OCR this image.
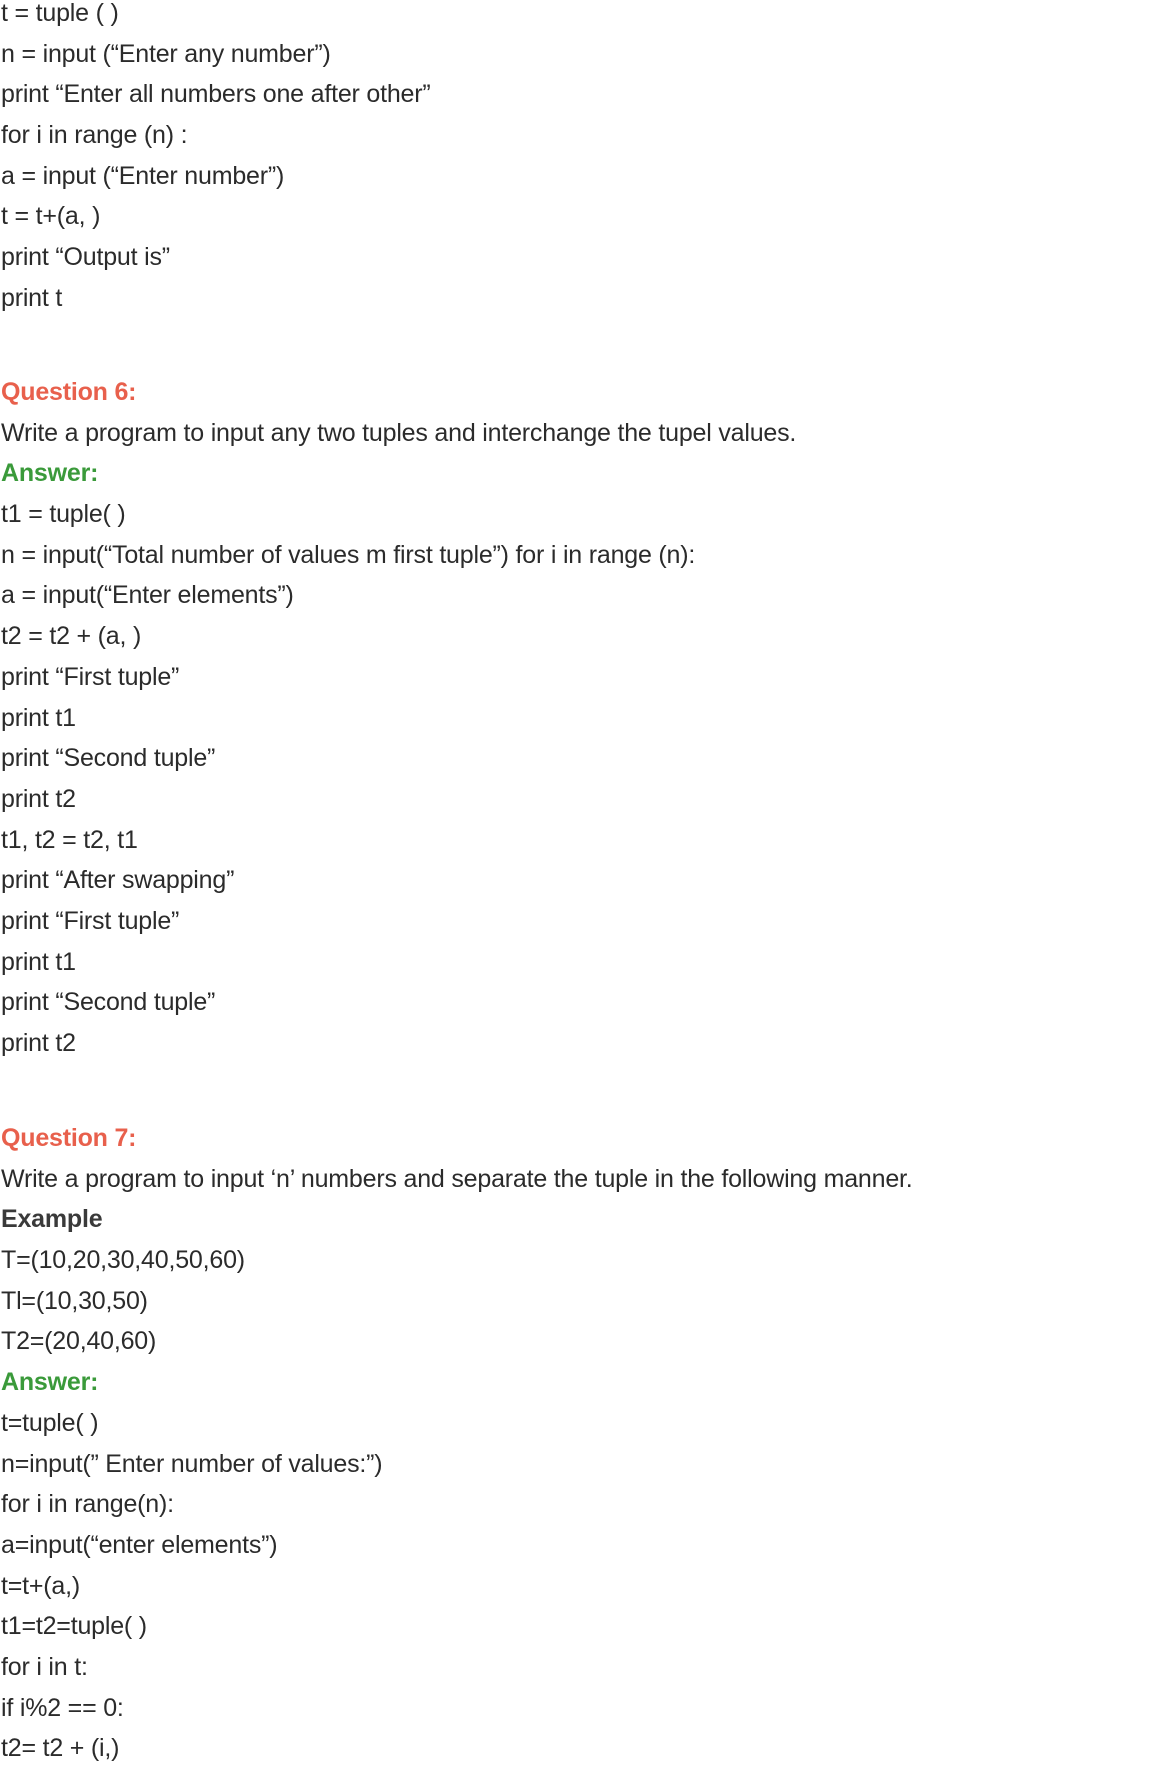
t = tuple ( )
n = input (“Enter any number”)
print “Enter all numbers one after other”
for i in range (n) :
a = input (“Enter number”)
t = t+(a, )
print “Output is”
print t
Question 6:
Write a program to input any two tuples and interchange the tupel values.
Answer:
t1 = tuple( )
n = input(“Total number of values m first tuple”) for i in range (n):
a = input(“Enter elements”)
t2 = t2 + (a, )
print “First tuple”
print t1
print “Second tuple”
print t2
t1, t2 = t2, t1
print “After swapping”
print “First tuple”
print t1
print “Second tuple”
print t2
Question 7:
Write a program to input ‘n’ numbers and separate the tuple in the following manner.
Example
T=(10,20,30,40,50,60)
Tl=(10,30,50)
T2=(20,40,60)
Answer:
t=tuple( )
n=input(” Enter number of values:”)
for i in range(n):
a=input(“enter elements”)
t=t+(a,)
t1=t2=tuple( )
for i in t:
if i%2 == 0:
t2= t2 + (i,)
